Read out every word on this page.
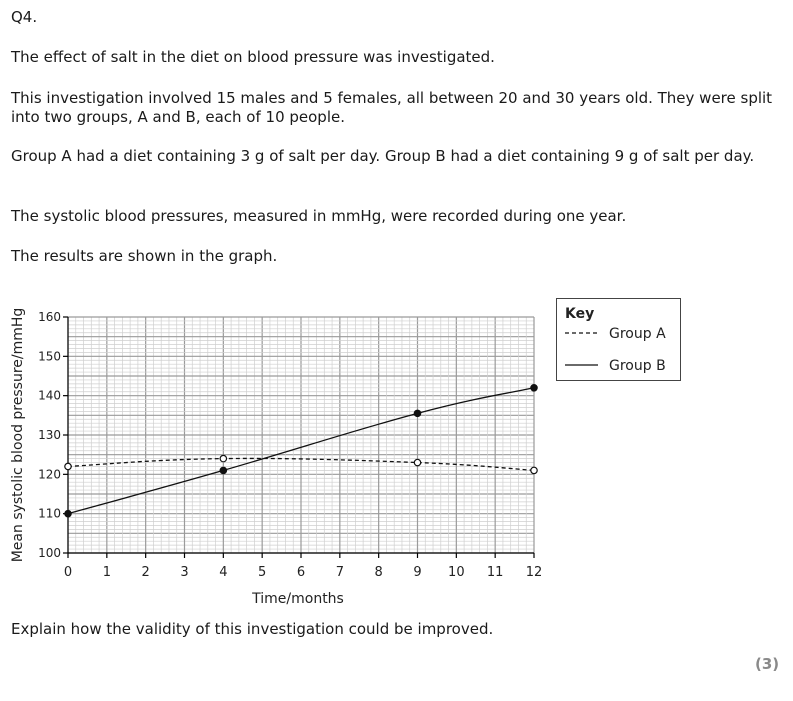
Q4.

The effect of salt in the diet on blood pressure was investigated.

This investigation involved 15 males and 5 females, all between 20 and 30 years old. They were split into two groups, A and B, each of 10 people.

Group A had a diet containing 3 g of salt per day. Group B had a diet containing 9 g of salt per day.

The systolic blood pressures, measured in mmHg, were recorded during one year.

The results are shown in the graph.

100
110
120
130
140
150
160
0 1 2 3 4 5 6 7 8 9 10 11 12
Time/months
Mean systolic blood pressure/mmHg	Key
Group A
Group B

Explain how the validity of this investigation could be improved.

(3)
